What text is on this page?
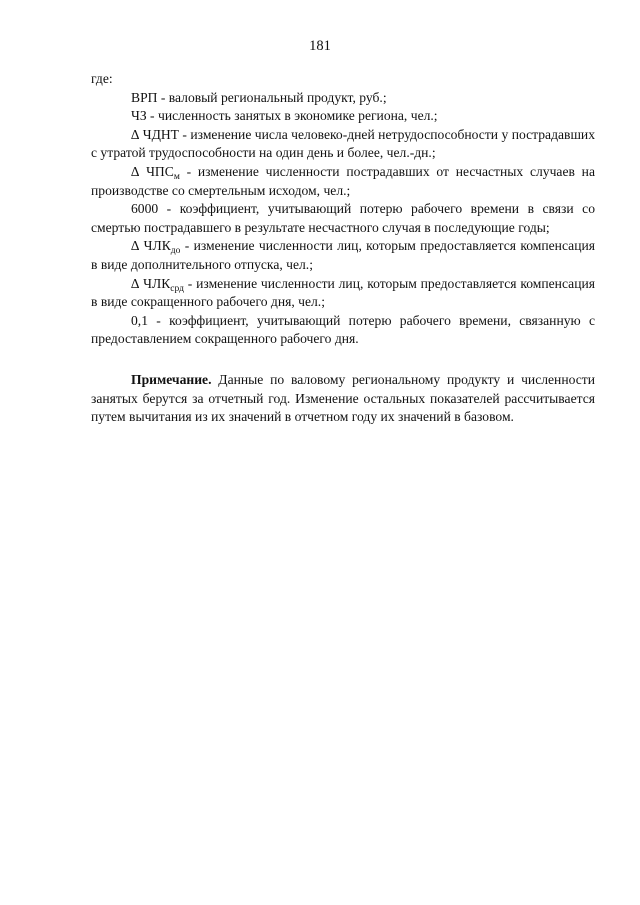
181

где:

ВРП - валовый региональный продукт, руб.;

ЧЗ - численность занятых в экономике региона, чел.;

∆ ЧДНТ - изменение числа человеко-дней нетрудоспособности у пострадавших с утратой трудоспособности на один день и более, чел.-дн.;

∆ $ЧПС_м$ - изменение численности пострадавших от несчастных случаев на производстве со смертельным исходом, чел.;

6000 - коэффициент, учитывающий потерю рабочего времени в связи со смертью пострадавшего в результате несчастного случая в последующие годы;

∆ $ЧЛК_{до}$ - изменение численности лиц, которым предоставляется компенсация в виде дополнительного отпуска, чел.;

∆ $ЧЛК_{срд}$ - изменение численности лиц, которым предоставляется компенсация в виде сокращенного рабочего дня, чел.;

0,1 - коэффициент, учитывающий потерю рабочего времени, связанную с предоставлением сокращенного рабочего дня.

Примечание. Данные по валовому региональному продукту и численности занятых берутся за отчетный год. Изменение остальных показателей рассчитывается путем вычитания из их значений в отчетном году их значений в базовом.
